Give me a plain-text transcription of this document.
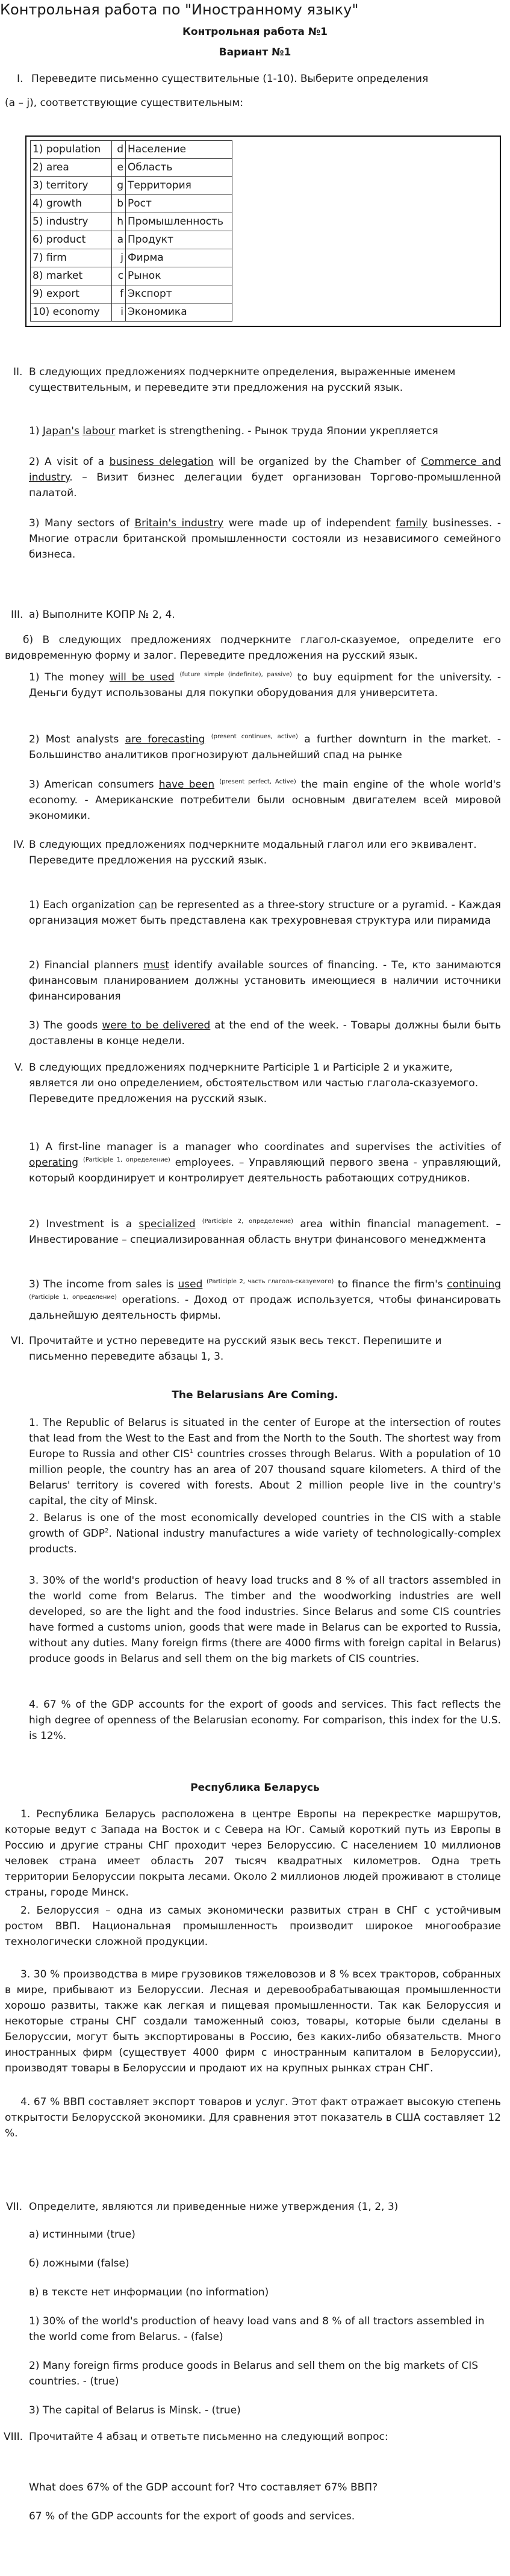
Контрольная работа по "Иностранному языку"
Контрольная работа №1
Вариант №1
I. Переведите письменно существительные (1-10). Выберите определения
(a – j), соответствующие существительным:
1) population	d	Население
2) area	e	Область
3) territory	g	Территория
4) growth	b	Рост
5) industry	h	Промышленность
6) product	a	Продукт
7) firm	j	Фирма
8) market	c	Рынок
9) export	f	Экспорт
10) economy	i	Экономика
II. В следующих предложениях подчеркните определения, выраженные именем существительным, и переведите эти предложения на русский язык.
1) Japan's labour market is strengthening. - Рынок труда Японии укрепляется
2) A visit of a business delegation will be organized by the Chamber of Commerce and industry. – Визит бизнес делегации будет организован Торгово-промышленной палатой.
3) Many sectors of Britain's industry were made up of independent family businesses. - Многие отрасли британской промышленности состояли из независимого семейного бизнеса.
III. а) Выполните КОПР № 2, 4.
б) В следующих предложениях подчеркните глагол-сказуемое, определите его видовременную форму и залог. Переведите предложения на русский язык.
1) The money will be used $^{(future simple (indefinite), passive)}$ to buy equipment for the university. - Деньги будут использованы для покупки оборудования для университета.
2) Most analysts are forecasting $^{(present continues, active)}$ a further downturn in the market. - Большинство аналитиков прогнозируют дальнейший спад на рынке
3) American consumers have been $^{(present perfect, Active)}$ the main engine of the whole world's economy. - Американские потребители были основным двигателем всей мировой экономики.
IV. В следующих предложениях подчеркните модальный глагол или его эквивалент. Переведите предложения на русский язык.
1) Each organization can be represented as a three-story structure or a pyramid. - Каждая организация может быть представлена как трехуровневая структура или пирамида
2) Financial planners must identify available sources of financing. - Те, кто занимаются финансовым планированием должны установить имеющиеся в наличии источники финансирования
3) The goods were to be delivered at the end of the week. - Товары должны были быть доставлены в конце недели.
V. В следующих предложениях подчеркните Participle 1 и Participle 2 и укажите, является ли оно определением, обстоятельством или частью глагола-сказуемого. Переведите предложения на русский язык.
1) A first-line manager is a manager who coordinates and supervises the activities of operating $^{(Participle 1, определение)}$ employees. – Управляющий первого звена - управляющий, который координирует и контролирует деятельность работающих сотрудников.
2) Investment is a specialized $^{(Participle 2, определение)}$ area within financial management. – Инвестирование – специализированная область внутри финансового менеджмента
3) The income from sales is used $^{(Participle 2, часть глагола-сказуемого)}$ to finance the firm's continuing $^{(Participle 1, определение)}$ operations. - Доход от продаж используется, чтобы финансировать дальнейшую деятельность фирмы.
VI. Прочитайте и устно переведите на русский язык весь текст. Перепишите и письменно переведите абзацы 1, 3.
The Belarusians Are Coming.
1. The Republic of Belarus is situated in the center of Europe at the intersection of routes that lead from the West to the East and from the North to the South. The shortest way from Europe to Russia and other CIS$^1$ countries crosses through Belarus. With a population of 10 million people, the country has an area of 207 thousand square kilometers. A third of the Belarus' territory is covered with forests. About 2 million people live in the country's capital, the city of Minsk.
2. Belarus is one of the most economically developed countries in the CIS with a stable growth of GDP$^2$. National industry manufactures a wide variety of technologically-complex products.
3. 30% of the world's production of heavy load trucks and 8 % of all tractors assembled in the world come from Belarus. The timber and the woodworking industries are well developed, so are the light and the food industries. Since Belarus and some CIS countries have formed a customs union, goods that were made in Belarus can be exported to Russia, without any duties. Many foreign firms (there are 4000 firms with foreign capital in Belarus) produce goods in Belarus and sell them on the big markets of CIS countries.
4. 67 % of the GDP accounts for the export of goods and services. This fact reflects the high degree of openness of the Belarusian economy. For comparison, this index for the U.S. is 12%.
Республика Беларусь
1. Республика Беларусь расположена в центре Европы на перекрестке маршрутов, которые ведут с Запада на Восток и с Севера на Юг. Самый короткий путь из Европы в Россию и другие страны СНГ проходит через Белоруссию. С населением 10 миллионов человек страна имеет область 207 тысяч квадратных километров. Одна треть территории Белоруссии покрыта лесами. Около 2 миллионов людей проживают в столице страны, городе Минск.
2. Белоруссия – одна из самых экономически развитых стран в СНГ с устойчивым ростом ВВП. Национальная промышленность производит широкое многообразие технологически сложной продукции.
3. 30 % производства в мире грузовиков тяжеловозов и 8 % всех тракторов, собранных в мире, прибывают из Белоруссии. Лесная и деревообрабатывающая промышленности хорошо развиты, также как легкая и пищевая промышленности. Так как Белоруссия и некоторые страны СНГ создали таможенный союз, товары, которые были сделаны в Белоруссии, могут быть экспортированы в Россию, без каких-либо обязательств. Много иностранных фирм (существует 4000 фирм с иностранным капиталом в Белоруссии), производят товары в Белоруссии и продают их на крупных рынках стран СНГ.
4. 67 % ВВП составляет экспорт товаров и услуг. Этот факт отражает высокую степень открытости Белорусской экономики. Для сравнения этот показатель в США составляет 12 %.
VII. Определите, являются ли приведенные ниже утверждения (1, 2, 3)
а) истинными (true)
б) ложными (false)
в) в тексте нет информации (no information)
1) 30% of the world's production of heavy load vans and 8 % of all tractors assembled in the world come from Belarus. - (false)
2) Many foreign firms produce goods in Belarus and sell them on the big markets of CIS countries. - (true)
3) The capital of Belarus is Minsk. - (true)
VIII. Прочитайте 4 абзац и ответьте письменно на следующий вопрос:
What does 67% of the GDP account for? Что составляет 67% ВВП?
67 % of the GDP accounts for the export of goods and services.
